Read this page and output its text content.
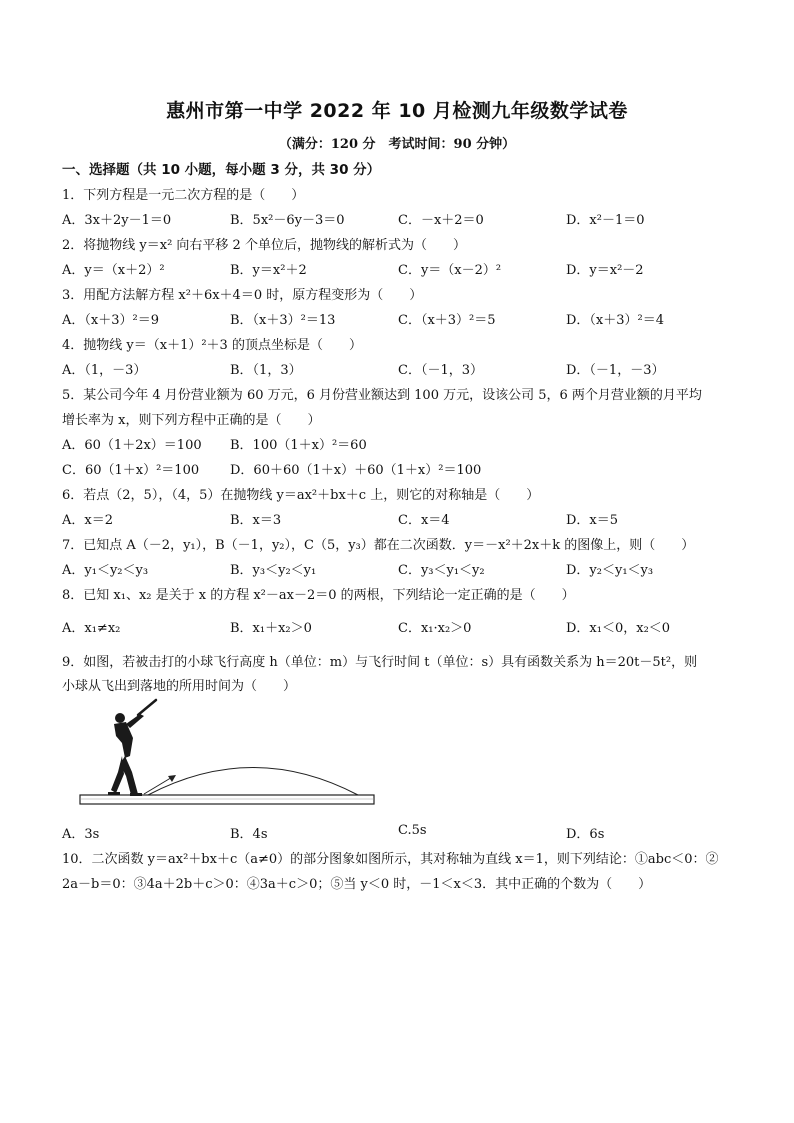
惠州市第一中学 2022 年 10 月检测九年级数学试卷
（满分：120 分　考试时间：90 分钟）
一、选择题（共 10 小题，每小题 3 分，共 30 分）
1．下列方程是一元二次方程的是（　　）
A．3x＋2y－1＝0	B．5x²－6y－3＝0	C．－x＋2＝0	D．x²－1＝0
2．将抛物线 y＝x² 向右平移 2 个单位后，抛物线的解析式为（　　）
A．y＝（x＋2）²	B．y＝x²＋2	C．y＝（x－2）²	D．y＝x²－2
3．用配方法解方程 x²＋6x＋4＝0 时，原方程变形为（　　）
A．（x＋3）²＝9	B．（x＋3）²＝13	C．（x＋3）²＝5	D．（x＋3）²＝4
4．抛物线 y＝（x＋1）²＋3 的顶点坐标是（　　）
A．（1，－3）	B．（1，3）	C．（－1，3）	D．（－1，－3）
5．某公司今年 4 月份营业额为 60 万元，6 月份营业额达到 100 万元，设该公司 5，6 两个月营业额的月平均
增长率为 x，则下列方程中正确的是（　　）
A．60（1＋2x）＝100 B．100（1＋x）²＝60
C．60（1＋x）²＝100 D．60＋60（1＋x）＋60（1＋x）²＝100
6．若点（2，5），（4，5）在抛物线 y＝ax²＋bx＋c 上，则它的对称轴是（　　）
A．x＝2	B．x＝3	C．x＝4	D．x＝5
7．已知点 A（－2，y₁），B（－1，y₂），C（5，y₃）都在二次函数．y＝－x²＋2x＋k 的图像上，则（　　）
A．y₁＜y₂＜y₃	B．y₃＜y₂＜y₁	C．y₃＜y₁＜y₂	D．y₂＜y₁＜y₃
8．已知 x₁、x₂ 是关于 x 的方程 x²－ax－2＝0 的两根，下列结论一定正确的是（　　）
A．x₁≠x₂	B．x₁＋x₂＞0	C．x₁·x₂＞0	D．x₁＜0，x₂＜0
9．如图，若被击打的小球飞行高度 h（单位：m）与飞行时间 t（单位：s）具有函数关系为 h＝20t－5t²，则
小球从飞出到落地的所用时间为（　　）
A．3s	B．4s	C.5s	D．6s
10．二次函数 y＝ax²＋bx＋c（a≠0）的部分图象如图所示，其对称轴为直线 x＝1，则下列结论：①abc＜0：②
2a－b＝0：③4a＋2b＋c＞0：④3a＋c＞0；⑤当 y＜0 时，－1＜x＜3．其中正确的个数为（　　）
